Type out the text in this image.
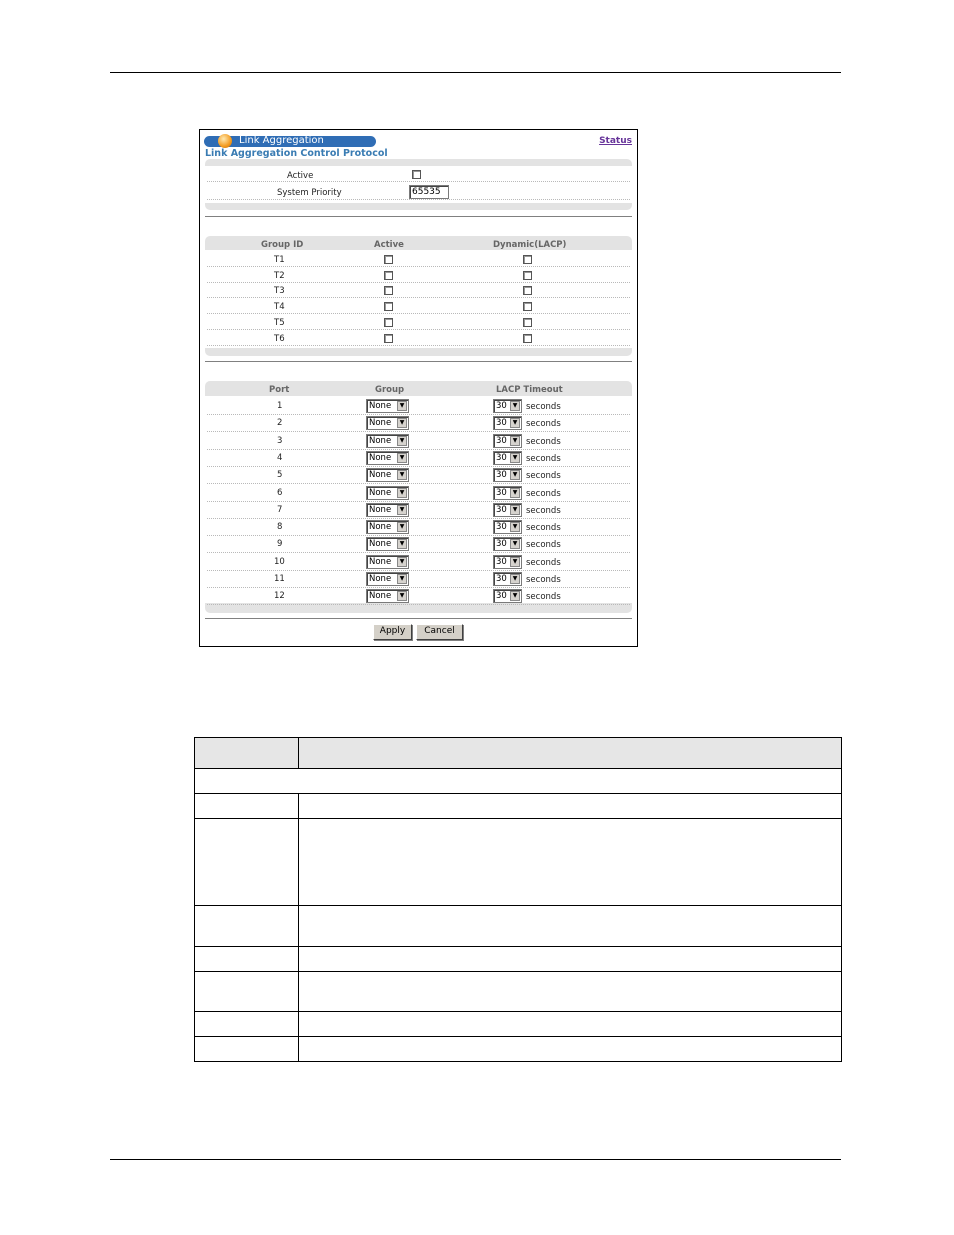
Link Aggregation	Status
Link Aggregation Control Protocol
Active
System Priority	65535
Group ID	Active	Dynamic(LACP)
T1
T2
T3
T4
T5
T6
Port	Group	LACP Timeout
1	None	▼	30 ▼	seconds
2	None	▼	30 ▼	seconds
3	None	▼	30 ▼	seconds
4	None	▼	30 ▼	seconds
5	None	▼	30 ▼	seconds
6	None	▼	30 ▼	seconds
7	None	▼	30 ▼	seconds
8	None	▼	30 ▼	seconds
9	None	▼	30 ▼	seconds
10	None	▼	30 ▼	seconds
11	None	▼	30 ▼	seconds
12	None	▼	30 ▼	seconds
Apply	Cancel
